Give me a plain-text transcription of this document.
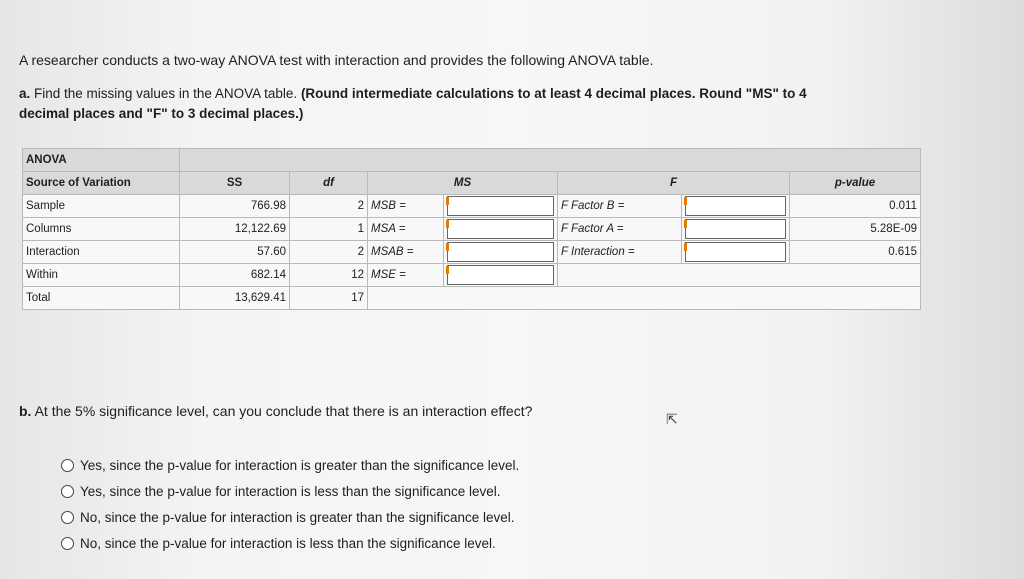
A researcher conducts a two-way ANOVA test with interaction and provides the following ANOVA table.
a. Find the missing values in the ANOVA table. (Round intermediate calculations to at least 4 decimal places. Round "MS" to 4
decimal places and "F" to 3 decimal places.)
ANOVA							
Source of Variation	SS	df	MS		F		p-value
Sample	766.98	2	MSB =		F Factor B =		0.011
Columns	12,122.69	1	MSA =		F Factor A =		5.28E-09
Interaction	57.60	2	MSAB =		F Interaction =		0.615
Within	682.14	12	MSE =			

Total	13,629.41	17					
b. At the 5% significance level, can you conclude that there is an interaction effect?	⇱
Yes, since the p-value for interaction is greater than the significance level.
Yes, since the p-value for interaction is less than the significance level.
No, since the p-value for interaction is greater than the significance level.
No, since the p-value for interaction is less than the significance level.
